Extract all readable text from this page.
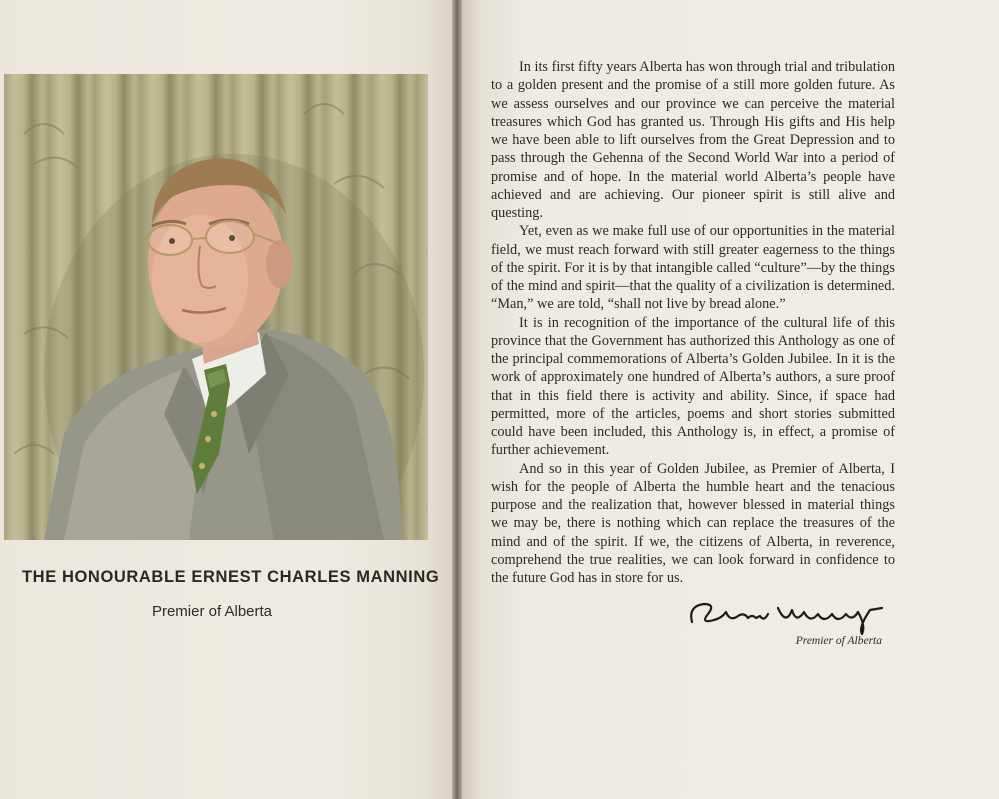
THE HONOURABLE ERNEST CHARLES MANNING
Premier of Alberta

In its first fifty years Alberta has won through trial and tribulation to a golden present and the promise of a still more golden future. As we assess ourselves and our province we can perceive the material treasures which God has granted us. Through His gifts and His help we have been able to lift ourselves from the Great Depression and to pass through the Gehenna of the Second World War into a period of promise and of hope. In the material world Alberta’s people have achieved and are achieving. Our pioneer spirit is still alive and questing.

Yet, even as we make full use of our opportunities in the material field, we must reach forward with still greater eagerness to the things of the spirit. For it is by that intangible called “culture”—by the things of the mind and spirit—that the quality of a civilization is determined. “Man,” we are told, “shall not live by bread alone.”

It is in recognition of the importance of the cultural life of this province that the Government has authorized this Anthology as one of the principal commemorations of Alberta’s Golden Jubilee. In it is the work of approximately one hundred of Alberta’s authors, a sure proof that in this field there is activity and ability. Since, if space had permitted, more of the articles, poems and short stories submitted could have been included, this Anthology is, in effect, a promise of further achievement.

And so in this year of Golden Jubilee, as Premier of Alberta, I wish for the people of Alberta the humble heart and the tenacious purpose and the realization that, however blessed in material things we may be, there is nothing which can replace the treasures of the mind and of the spirit. If we, the citizens of Alberta, in reverence, comprehend the true realities, we can look forward in confidence to the future God has in store for us.

Premier of Alberta
